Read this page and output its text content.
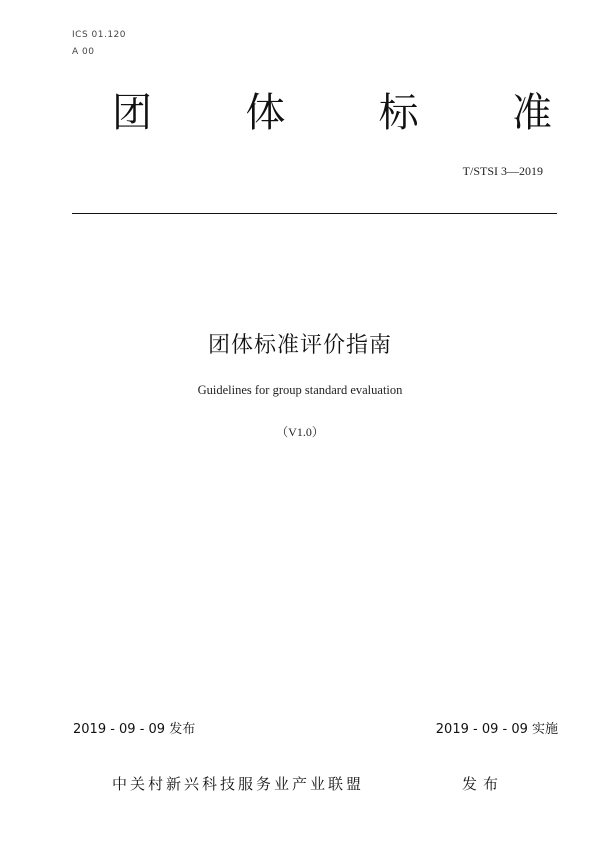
ICS 01.120
A 00
团 体 标 准
T/STSI 3—2019
团体标准评价指南
Guidelines for group standard evaluation
（V1.0）
2019 - 09 - 09 发布	2019 - 09 - 09 实施
中关村新兴科技服务业产业联盟	发布
